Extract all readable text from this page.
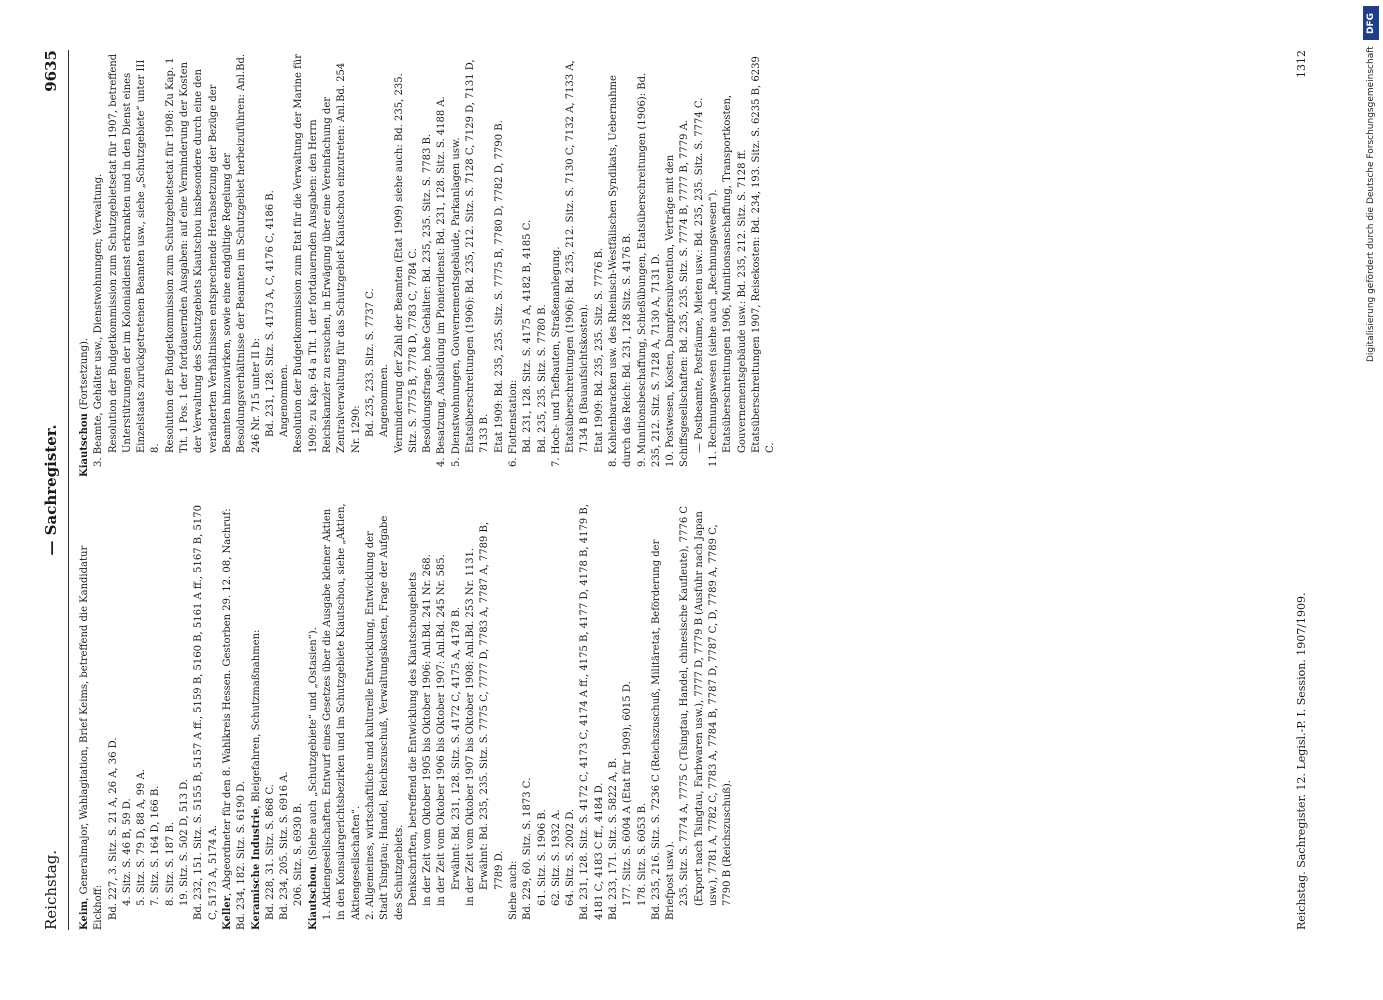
Reichstag.
— Sachregister.
9635

Keim, Generalmajor, Wahlagitation, Brief Keims, betreffend die Kandidatur Eickhoff: Bd. 227, 3. Sitz. S. 21 A, 26 A, 36 D. 4. Sitz. S. 46 B, 59 D. 5. Sitz. S. 79 D, 88 A, 99 A. 7. Sitz. S. 164 D, 166 B. 8. Sitz. S. 187 B. 19. Sitz. S. 502 D, 513 D. Bd. 232, 151. Sitz. S. 5155 B, 5157 A ff., 5159 B, 5160 B, 5161 A ff., 5167 B, 5170 C, 5173 A, 5174 A. Keller, Abgeordneter für den 8. Wahlkreis Hessen. Gestorben 29. 12. 08, Nachruf: Bd. 234, 182. Sitz. S. 6190 D. Keramische Industrie, Bleigefahren, Schutzmaßnahmen:

Bd. 228, 31. Sitz. S. 868 C. Bd. 234, 205. Sitz. S. 6916 A. 206. Sitz. S. 6930 B. Kiautschou. (Siehe auch „Schutzgebiete“ und „Ostasien“). 1. Aktiengesellschaften. Entwurf eines Gesetzes über die Ausgabe kleiner Aktien in den Konsulargerichtsbezirken und im Schutzgebiete Kiautschou, siehe „Aktien, Aktiengesellschaften“. 2. Allgemeines, wirtschaftliche und kulturelle Entwicklung, Entwicklung der Stadt Tsingtau; Handel, Reichszuschuß, Verwaltungskosten, Frage der Aufgabe des Schutzgebiets. Denkschriften, betreffend die Entwicklung des Kiautschougebiets in der Zeit vom Oktober 1905 bis Oktober 1906: Anl.Bd. 241 Nr. 268. in der Zeit vom Oktober 1906 bis Oktober 1907: Anl.Bd. 245 Nr. 585. Erwähnt: Bd. 231, 128. Sitz. S. 4172 C, 4175 A, 4178 B. in der Zeit vom Oktober 1907 bis Oktober 1908: Anl.Bd. 253 Nr. 1131. Erwähnt: Bd. 235, 235. Sitz. S. 7775 C, 7777 D, 7783 A, 7787 A, 7789 B, 7789 D. Siehe auch: Bd. 229, 60. Sitz. S. 1873 C. 61. Sitz. S. 1906 B. 62. Sitz. S. 1932 A. 64. Sitz. S. 2002 D. Bd. 231, 128. Sitz. S. 4172 C, 4173 C, 4174 A ff., 4175 B, 4177 D, 4178 B, 4179 B, 4181 C, 4183 C ff., 4184 D. Bd. 233, 171. Sitz. S. 5822 A, B. 177. Sitz. S. 6004 A (Etat für 1909), 6015 D. 178. Sitz. S. 6053 B. Bd. 235, 216. Sitz. S. 7236 C (Reichszuschuß, Militäretat, Beförderung der Briefpost usw.). 235. Sitz. S. 7774 A, 7775 C (Tsingtau, Handel, chinesische Kaufleute), 7776 C (Export nach Tsingtau, Farbwaren usw.), 7777 D, 7779 B (Ausfuhr nach Japan usw.), 7781 A, 7782 C, 7783 A, 7784 B, 7787 D, 7787 C, D, 7789 A, 7789 C, 7790 B (Reichszuschuß).

Kiautschou (Fortsetzung). 3. Beamte, Gehälter usw., Dienstwohnungen; Verwaltung. Resolution der Budgetkommission zum Schutzgebietsetat für 1907, betreffend Unterstützungen der im Kolonialdienst erkrankten und in den Dienst eines Einzelstaats zurückgetretenen Beamten usw., siehe „Schutzgebiete“ unter III 8. Resolution der Budgetkommission zum Schutzgebietsetat für 1908: Zu Kap. 1 Tit. 1 Pos. 1 der fortdauernden Ausgaben: auf eine Verminderung der Kosten der Verwaltung des Schutzgebiets Kiautschou insbesondere durch eine den veränderten Verhältnissen entsprechende Herabsetzung der Bezüge der Beamten hinzuwirken, sowie eine endgültige Regelung der Besoldungsverhältnisse der Beamten im Schutzgebiet herbeizuführen: Anl.Bd. 246 Nr. 715 unter II b: Bd. 231, 128. Sitz. S. 4173 A, C, 4176 C, 4186 B. Angenommen. Resolution der Budgetkommission zum Etat für die Verwaltung der Marine für 1909: zu Kap. 64 a Tit. 1 der fortdauernden Ausgaben: den Herrn Reichskanzler zu ersuchen, in Erwägung über eine Vereinfachung der Zentralverwaltung für das Schutzgebiet Kiautschou einzutreten: Anl.Bd. 254 Nr. 1290: Bd. 235, 233. Sitz. S. 7737 C. Angenommen. Verminderung der Zahl der Beamten (Etat 1909) siehe auch: Bd. 235, 235. Sitz. S. 7775 B, 7778 D, 7783 C, 7784 C. Besoldungsfrage, hohe Gehälter: Bd. 235, 235. Sitz. S. 7783 B. 4. Besatzung, Ausbildung im Pionierdienst: Bd. 231, 128. Sitz. S. 4188 A. 5. Dienstwohnungen, Gouvernementsgebäude, Parkanlagen usw. Etatsüberschreitungen (1906): Bd. 235, 212. Sitz. S. 7128 C, 7129 D, 7131 D, 7133 B. Etat 1909: Bd. 235, 235. Sitz. S. 7775 B, 7780 D, 7782 D, 7790 B. 6. Flottenstation: Bd. 231, 128. Sitz. S. 4175 A, 4182 B, 4185 C. Bd. 235, 235. Sitz. S. 7780 B. 7. Hoch- und Tiefbauten, Straßenanlegung. Etatsüberschreitungen (1906): Bd. 235, 212. Sitz. S. 7130 C, 7132 A, 7133 A, 7134 B (Bauaufsichtskosten). Etat 1909: Bd. 235, 235. Sitz. S. 7776 B. 8. Kohlenbaracken usw. des Rheinisch-Westfälischen Syndikats, Uebernahme durch das Reich: Bd. 231, 128 Sitz. S. 4176 B. 9. Munitionsbeschaffung, Schießübungen, Etatsüberschreitungen (1906): Bd. 235, 212. Sitz. S. 7128 A, 7130 A, 7131 D. 10. Postwesen, Kosten, Dampfersubvention, Verträge mit den Schiffsgesellschaften: Bd. 235, 235. Sitz. S. 7774 B, 7777 B, 7779 A. — Postbeamte, Posträume, Mieten usw.: Bd. 235, 235. Sitz. S. 7774 C. 11. Rechnungswesen (siehe auch „Rechnungswesen“). Etatsüberschreitungen 1906, Munitionsanschaffung, Transportkosten, Gouvernementsgebäude usw.: Bd. 235, 212. Sitz. S. 7128 ff. Etatsüberschreitungen 1907, Reisekosten: Bd. 234, 193. Sitz. S. 6235 B, 6239 C.

Reichstag. Sachregister. 12. Legisl.-P. I. Session. 1907/1909.
1312
DFG
Digitalisierung gefördert durch die Deutsche Forschungsgemeinschaft
